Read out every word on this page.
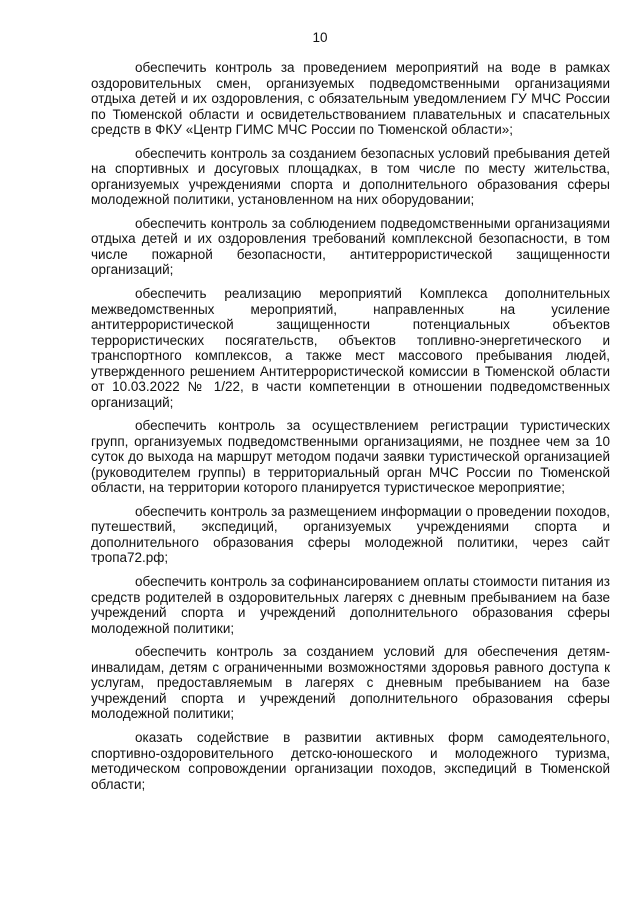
10

обеспечить контроль за проведением мероприятий на воде в рамках оздоровительных смен, организуемых подведомственными организациями отдыха детей и их оздоровления, с обязательным уведомлением ГУ МЧС России по Тюменской области и освидетельствованием плавательных и спасательных средств в ФКУ «Центр ГИМС МЧС России по Тюменской области»;

обеспечить контроль за созданием безопасных условий пребывания детей на спортивных и досуговых площадках, в том числе по месту жительства, организуемых учреждениями спорта и дополнительного образования сферы молодежной политики, установленном на них оборудовании;

обеспечить контроль за соблюдением подведомственными организациями отдыха детей и их оздоровления требований комплексной безопасности, в том числе пожарной безопасности, антитеррористической защищенности организаций;

обеспечить реализацию мероприятий Комплекса дополнительных межведомственных мероприятий, направленных на усиление антитеррористической защищенности потенциальных объектов террористических посягательств, объектов топливно-энергетического и транспортного комплексов, а также мест массового пребывания людей, утвержденного решением Антитеррористической комиссии в Тюменской области от 10.03.2022 № 1/22, в части компетенции в отношении подведомственных организаций;

обеспечить контроль за осуществлением регистрации туристических групп, организуемых подведомственными организациями, не позднее чем за 10 суток до выхода на маршрут методом подачи заявки туристической организацией (руководителем группы) в территориальный орган МЧС России по Тюменской области, на территории которого планируется туристическое мероприятие;

обеспечить контроль за размещением информации о проведении походов, путешествий, экспедиций, организуемых учреждениями спорта и дополнительного образования сферы молодежной политики, через сайт тропа72.рф;

обеспечить контроль за софинансированием оплаты стоимости питания из средств родителей в оздоровительных лагерях с дневным пребыванием на базе учреждений спорта и учреждений дополнительного образования сферы молодежной политики;

обеспечить контроль за созданием условий для обеспечения детям-инвалидам, детям с ограниченными возможностями здоровья равного доступа к услугам, предоставляемым в лагерях с дневным пребыванием на базе учреждений спорта и учреждений дополнительного образования сферы молодежной политики;

оказать содействие в развитии активных форм самодеятельного, спортивно-оздоровительного детско-юношеского и молодежного туризма, методическом сопровождении организации походов, экспедиций в Тюменской области;
